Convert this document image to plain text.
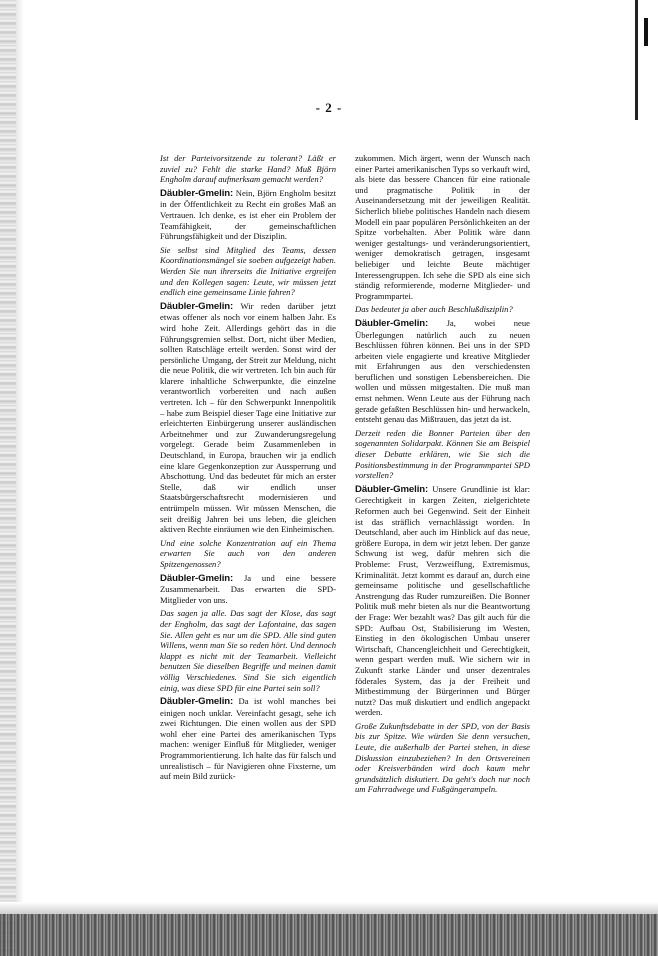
- 2 -

Ist der Parteivorsitzende zu tolerant? Läßt er zuviel zu? Fehlt die starke Hand? Muß Björn Engholm darauf aufmerksam gemacht werden?

Däubler-Gmelin: Nein, Björn Engholm besitzt in der Öffentlichkeit zu Recht ein großes Maß an Vertrauen. Ich denke, es ist eher ein Problem der Teamfähigkeit, der gemeinschaftlichen Führungsfähigkeit und der Disziplin.

Sie selbst sind Mitglied des Teams, dessen Koordinationsmängel sie soeben aufgezeigt haben. Werden Sie nun ihrerseits die Initiative ergreifen und den Kollegen sagen: Leute, wir müssen jetzt endlich eine gemeinsame Linie fahren?

Däubler-Gmelin: Wir reden darüber jetzt etwas offener als noch vor einem halben Jahr. Es wird hohe Zeit. Allerdings gehört das in die Führungsgremien selbst. Dort, nicht über Medien, sollten Ratschläge erteilt werden. Sonst wird der persönliche Umgang, der Streit zur Meldung, nicht die neue Politik, die wir vertreten. Ich bin auch für klarere inhaltliche Schwerpunkte, die einzelne verantwortlich vorbereiten und nach außen vertreten. Ich – für den Schwerpunkt Innenpolitik – habe zum Beispiel dieser Tage eine Initiative zur erleichterten Einbürgerung unserer ausländischen Arbeitnehmer und zur Zuwanderungsregelung vorgelegt. Gerade beim Zusammenleben in Deutschland, in Europa, brauchen wir ja endlich eine klare Gegenkonzeption zur Aussperrung und Abschottung. Und das bedeutet für mich an erster Stelle, daß wir endlich unser Staatsbürgerschaftsrecht modernisieren und entrümpeln müssen. Wir müssen Menschen, die seit dreißig Jahren bei uns leben, die gleichen aktiven Rechte einräumen wie den Einheimischen.

Und eine solche Konzentration auf ein Thema erwarten Sie auch von den anderen Spitzengenossen?

Däubler-Gmelin: Ja und eine bessere Zusammenarbeit. Das erwarten die SPD-Mitglieder von uns.

Das sagen ja alle. Das sagt der Klose, das sagt der Engholm, das sagt der Lafontaine, das sagen Sie. Allen geht es nur um die SPD. Alle sind guten Willens, wenn man Sie so reden hört. Und dennoch klappt es nicht mit der Teamarbeit. Vielleicht benutzen Sie dieselben Begriffe und meinen damit völlig Verschiedenes. Sind Sie sich eigentlich einig, was diese SPD für eine Partei sein soll?

Däubler-Gmelin: Da ist wohl manches bei einigen noch unklar. Vereinfacht gesagt, sehe ich zwei Richtungen. Die einen wollen aus der SPD wohl eher eine Partei des amerikanischen Typs machen: weniger Einfluß für Mitglieder, weniger Programmorientierung. Ich halte das für falsch und unrealistisch – für Navigieren ohne Fixsterne, um auf mein Bild zurück-

zukommen. Mich ärgert, wenn der Wunsch nach einer Partei amerikanischen Typs so verkauft wird, als biete das bessere Chancen für eine rationale und pragmatische Politik in der Auseinandersetzung mit der jeweiligen Realität. Sicherlich bliebe politisches Handeln nach diesem Modell ein paar populären Persönlichkeiten an der Spitze vorbehalten. Aber Politik wäre dann weniger gestaltungs- und veränderungsorientiert, weniger demokratisch getragen, insgesamt beliebiger und leichte Beute mächtiger Interessengruppen. Ich sehe die SPD als eine sich ständig reformierende, moderne Mitglieder- und Programmpartei.

Das bedeutet ja aber auch Beschlußdisziplin?

Däubler-Gmelin: Ja, wobei neue Überlegungen natürlich auch zu neuen Beschlüssen führen können. Bei uns in der SPD arbeiten viele engagierte und kreative Mitglieder mit Erfahrungen aus den verschiedensten beruflichen und sonstigen Lebensbereichen. Die wollen und müssen mitgestalten. Die muß man ernst nehmen. Wenn Leute aus der Führung nach gerade gefaßten Beschlüssen hin- und herwackeln, entsteht genau das Mißtrauen, das jetzt da ist.

Derzeit reden die Bonner Parteien über den sogenannten Solidarpakt. Können Sie am Beispiel dieser Debatte erklären, wie Sie sich die Positionsbestimmung in der Programmpartei SPD vorstellen?

Däubler-Gmelin: Unsere Grundlinie ist klar: Gerechtigkeit in kargen Zeiten, zielgerichtete Reformen auch bei Gegenwind. Seit der Einheit ist das sträflich vernachlässigt worden. In Deutschland, aber auch im Hinblick auf das neue, größere Europa, in dem wir jetzt leben. Der ganze Schwung ist weg, dafür mehren sich die Probleme: Frust, Verzweiflung, Extremismus, Kriminalität. Jetzt kommt es darauf an, durch eine gemeinsame politische und gesellschaftliche Anstrengung das Ruder rumzureißen. Die Bonner Politik muß mehr bieten als nur die Beantwortung der Frage: Wer bezahlt was? Das gilt auch für die SPD: Aufbau Ost, Stabilisierung im Westen, Einstieg in den ökologischen Umbau unserer Wirtschaft, Chancengleichheit und Gerechtigkeit, wenn gespart werden muß. Wie sichern wir in Zukunft starke Länder und unser dezentrales föderales System, das ja der Freiheit und Mitbestimmung der Bürgerinnen und Bürger nutzt? Das muß diskutiert und endlich angepackt werden.

Große Zukunftsdebatte in der SPD, von der Basis bis zur Spitze. Wie würden Sie denn versuchen, Leute, die außerhalb der Partei stehen, in diese Diskussion einzubeziehen? In den Ortsvereinen oder Kreisverbänden wird doch kaum mehr grundsätzlich diskutiert. Da geht's doch nur noch um Fahrradwege und Fußgängerampeln.
